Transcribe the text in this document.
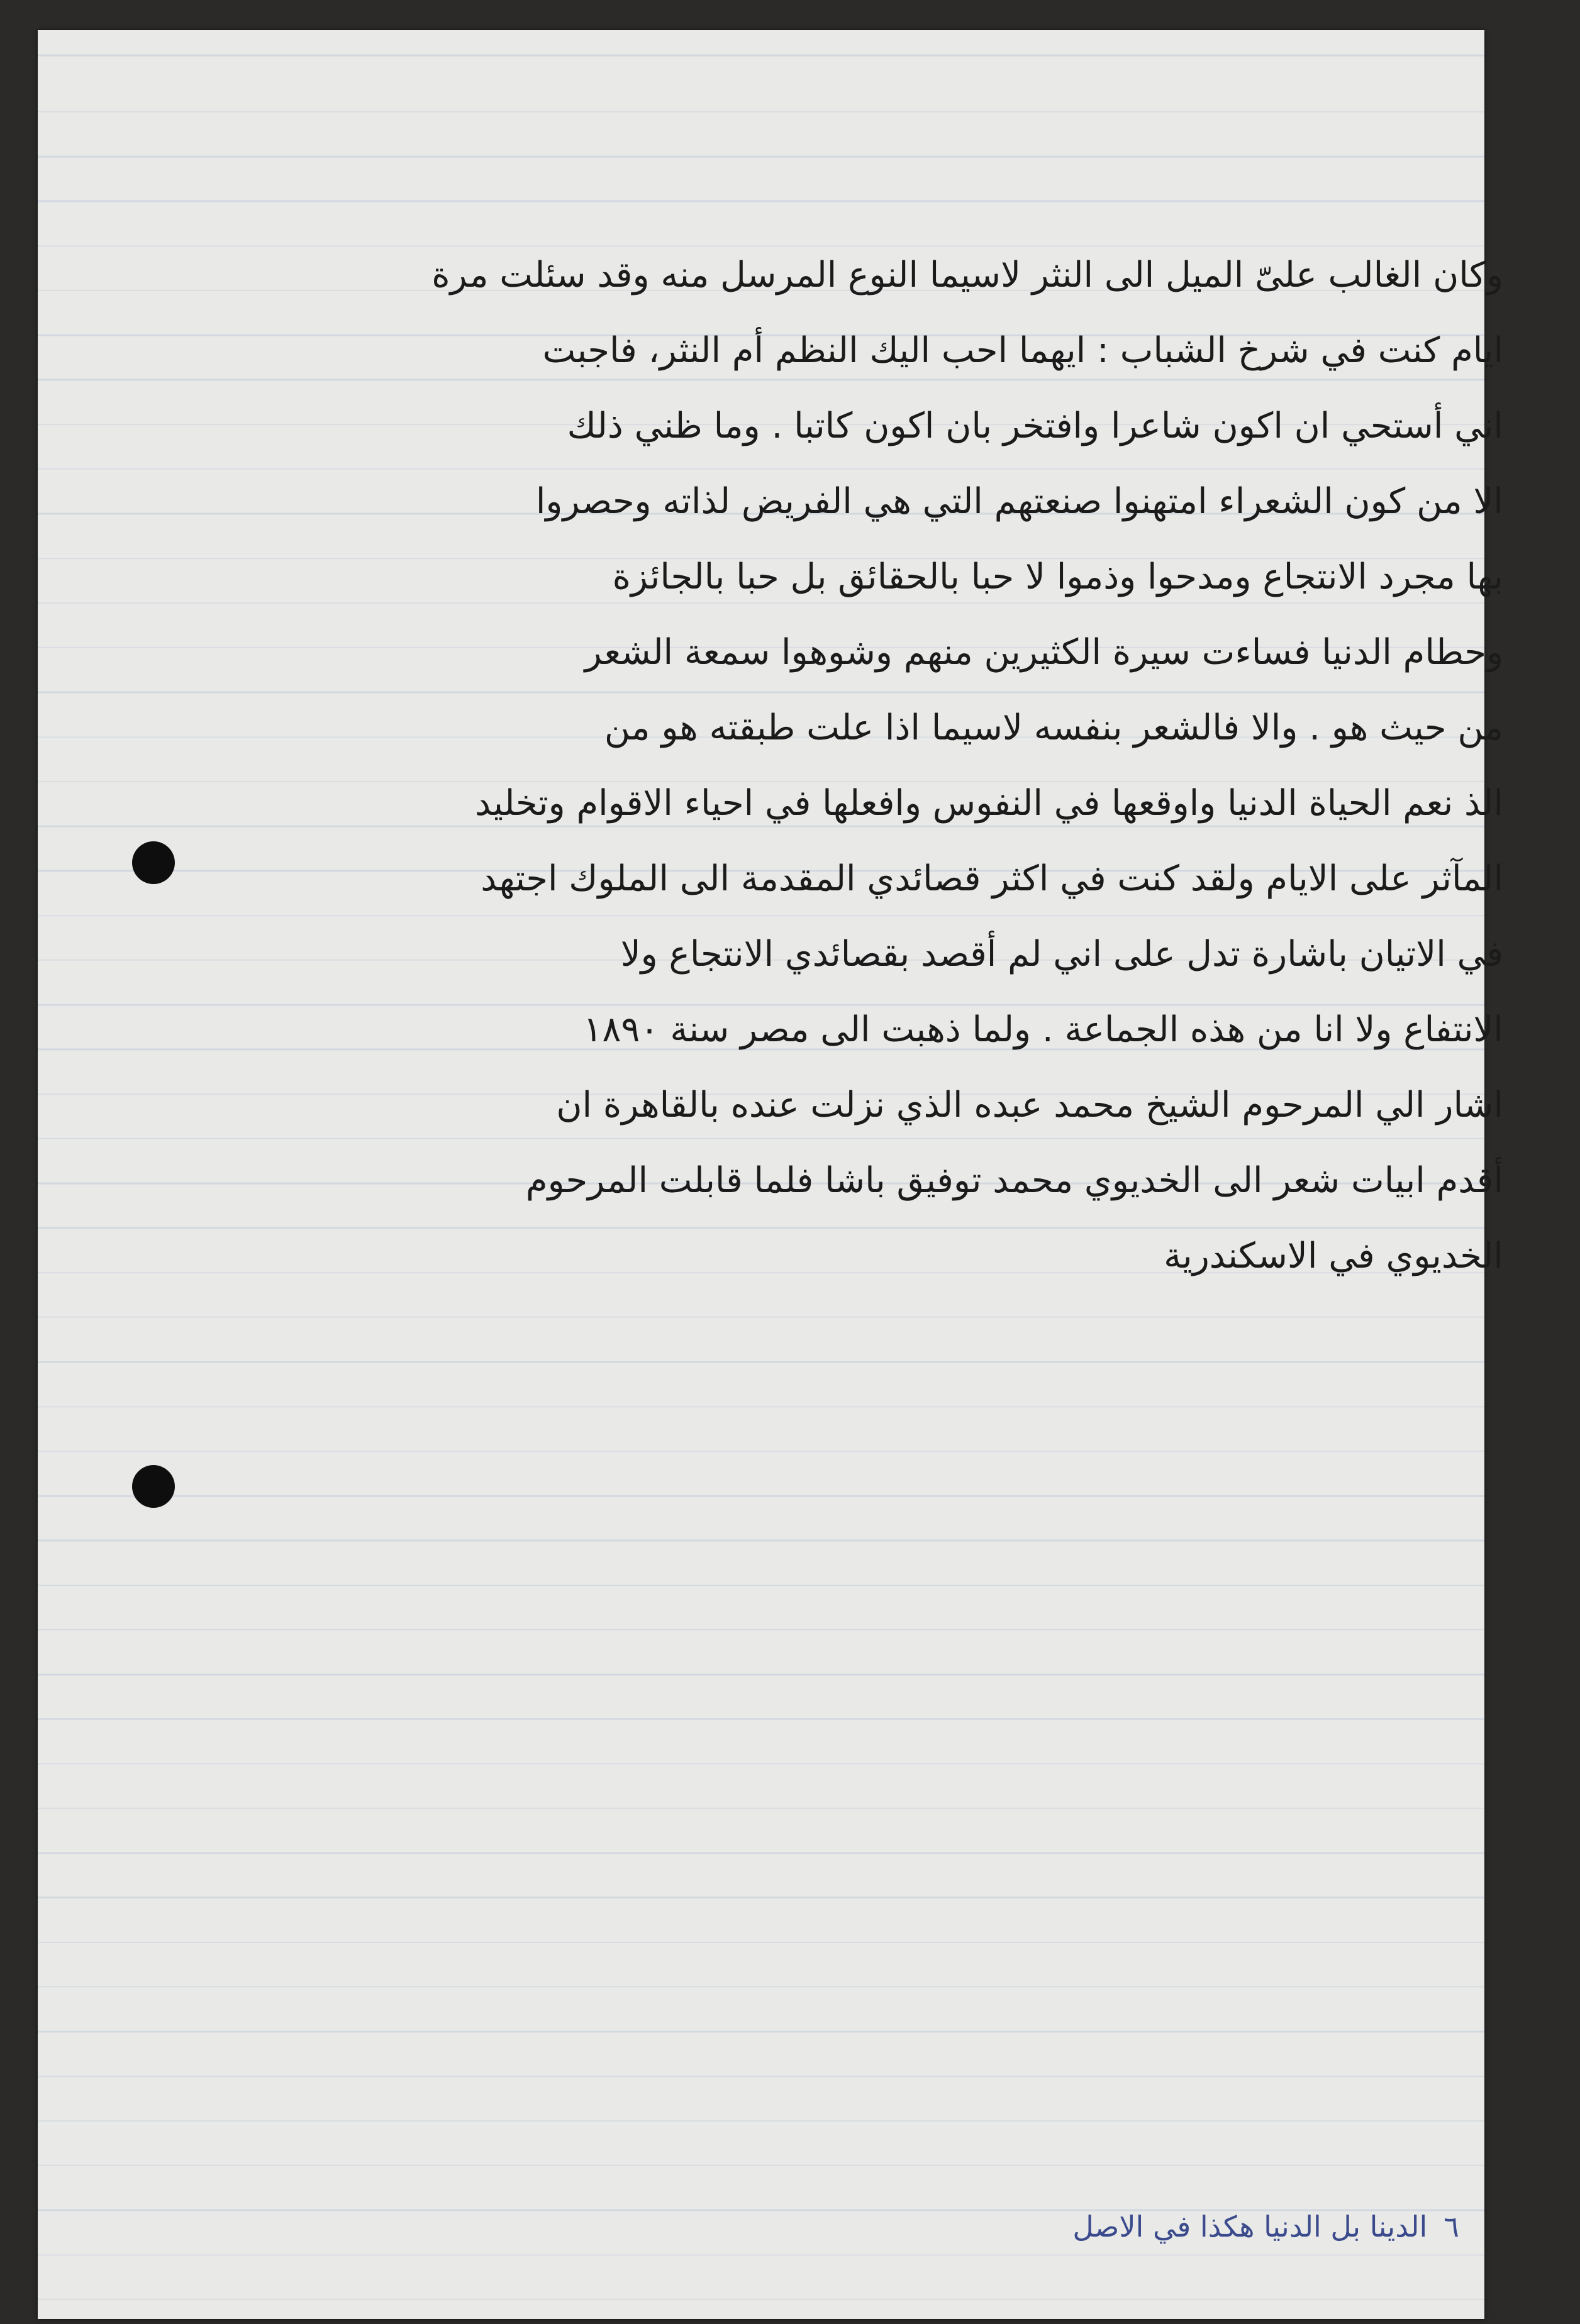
وكان الغالب علىّ الميل الى النثر لاسيما النوع المرسل منه وقد سئلت مرة
ايام كنت في شرخ الشباب : ايهما احب اليك النظم أم النثر، فاجبت
اني أستحي ان اكون شاعرا وافتخر بان اكون كاتبا . وما ظني ذلك
الا من كون الشعراء امتهنوا صنعتهم التي هي الفريض لذاته وحصروا
بها مجرد الانتجاع ومدحوا وذموا لا حبا بالحقائق بل حبا بالجائزة
وحطام الدنيا فساءت سيرة الكثيرين منهم وشوهوا سمعة الشعر
من حيث هو . والا فالشعر بنفسه لاسيما اذا علت طبقته هو من
الذ نعم الحياة الدنيا واوقعها في النفوس وافعلها في احياء الاقوام وتخليد
المآثر على الايام ولقد كنت في اكثر قصائدي المقدمة الى الملوك اجتهد
في الاتيان باشارة تدل على اني لم أقصد بقصائدي الانتجاع ولا
الانتفاع ولا انا من هذه الجماعة . ولما ذهبت الى مصر سنة ١٨٩٠
اشار الي المرحوم الشيخ محمد عبده الذي نزلت عنده بالقاهرة ان
أقدم ابيات شعر الى الخديوي محمد توفيق باشا فلما قابلت المرحوم
الخديوي في الاسكندرية
٦الدينا بل الدنيا هكذا في الاصل
